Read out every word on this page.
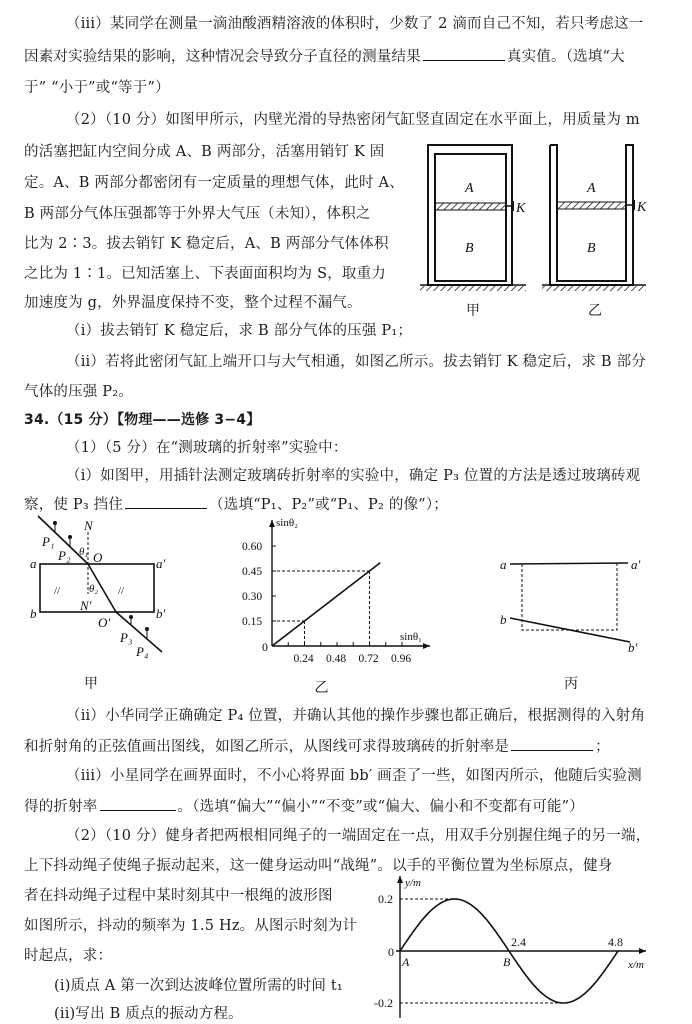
（iii）某同学在测量一滴油酸酒精溶液的体积时，少数了 2 滴而自己不知，若只考虑这一
因素对实验结果的影响，这种情况会导致分子直径的测量结果	真实值。（选填“大
于” “小于”或“等于”）
（2）（10 分）如图甲所示，内壁光滑的导热密闭气缸竖直固定在水平面上，用质量为 m
的活塞把缸内空间分成 A、B 两部分，活塞用销钉 K 固
定。A、B 两部分都密闭有一定质量的理想气体，此时 A、
B 两部分气体压强都等于外界大气压（未知），体积之
比为 2∶3。拔去销钉 K 稳定后，A、B 两部分气体体积
之比为 1∶1。已知活塞上、下表面面积均为 S，取重力
加速度为 g，外界温度保持不变，整个过程不漏气。
（i）拔去销钉 K 稳定后，求 B 部分气体的压强 P₁；
（ii）若将此密闭气缸上端开口与大气相通，如图乙所示。拔去销钉 K 稳定后，求 B 部分
气体的压强 P₂。
K
A
B
甲
K
A
B
乙
34.（15 分）【物理——选修 3−4】
（1）（5 分）在“测玻璃的折射率”实验中：
（i）如图甲，用插针法测定玻璃砖折射率的实验中，确定 P₃ 位置的方法是透过玻璃砖观
察，使 P₃ 挡住	（选填“P₁、P₂”或“P₁、P₂ 的像”）；
//	//
N
P₁
P₂ θ₁ O
θ₂
N′
O′
P₃
P₄
a	a′
b	b′
甲
sinθ₂
sinθ₁
0
0.24 0.48 0.72 0.96
0.15
0.30
0.45
0.60
乙
a	a′
b
b′
丙
（ii）小华同学正确确定 P₄ 位置，并确认其他的操作步骤也都正确后，根据测得的入射角
和折射角的正弦值画出图线，如图乙所示，从图线可求得玻璃砖的折射率是	；
（iii）小星同学在画界面时，不小心将界面 bb′ 画歪了一些，如图丙所示，他随后实验测
得的折射率	。（选填“偏大”“偏小”“不变”或“偏大、偏小和不变都有可能”）
（2）（10 分）健身者把两根相同绳子的一端固定在一点，用双手分别握住绳子的另一端，
上下抖动绳子使绳子振动起来，这一健身运动叫“战绳”。以手的平衡位置为坐标原点，健身
者在抖动绳子过程中某时刻其中一根绳的波形图
如图所示，抖动的频率为 1.5 Hz。从图示时刻为计
时起点，求：
(i)质点 A 第一次到达波峰位置所需的时间 t₁
(ii)写出 B 质点的振动方程。
y/m
x/m
0
0.2
-0.2
2.4	4.8
A	B
